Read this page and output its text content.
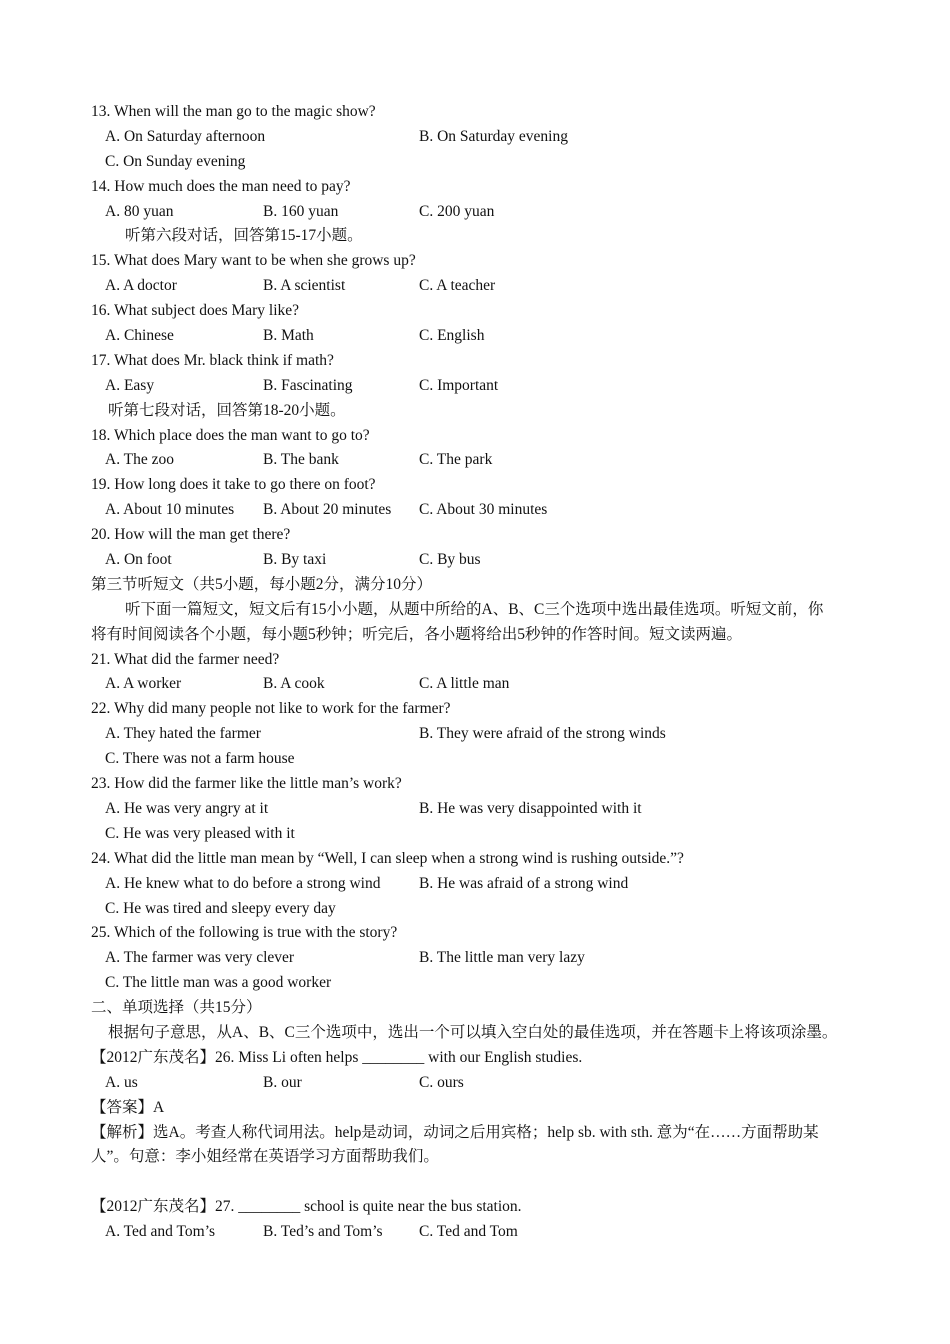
13. When will the man go to the magic show?
A. On Saturday afternoon	B. On Saturday evening
C. On Sunday evening
14. How much does the man need to pay?
A. 80 yuan	B. 160 yuan	C. 200 yuan
听第六段对话，回答第15-17小题。
15. What does Mary want to be when she grows up?
A. A doctor	B. A scientist	C. A teacher
16. What subject does Mary like?
A. Chinese	B. Math	C. English
17. What does Mr. black think if math?
A. Easy	B. Fascinating	C. Important
听第七段对话，回答第18-20小题。
18. Which place does the man want to go to?
A. The zoo	B. The bank	C. The park
19. How long does it take to go there on foot?
A. About 10 minutes B. About 20 minutes C. About 30 minutes
20. How will the man get there?
A. On foot	B. By taxi	C. By bus
第三节听短文（共5小题，每小题2分，满分10分）
听下面一篇短文，短文后有15小小题，从题中所给的A、B、C三个选项中选出最佳选项。听短文前，你
将有时间阅读各个小题，每小题5秒钟；听完后，各小题将给出5秒钟的作答时间。短文读两遍。
21. What did the farmer need?
A. A worker	B. A cook	C. A little man
22. Why did many people not like to work for the farmer?
A. They hated the farmer	B. They were afraid of the strong winds
C. There was not a farm house
23. How did the farmer like the little man’s work?
A. He was very angry at it	B. He was very disappointed with it
C. He was very pleased with it
24. What did the little man mean by “Well, I can sleep when a strong wind is rushing outside.”?
A. He knew what to do before a strong wind B. He was afraid of a strong wind
C. He was tired and sleepy every day
25. Which of the following is true with the story?
A. The farmer was very clever	B. The little man very lazy
C. The little man was a good worker
二、单项选择（共15分）
根据句子意思，从A、B、C三个选项中，选出一个可以填入空白处的最佳选项，并在答题卡上将该项涂墨。
【2012广东茂名】26. Miss Li often helps ________ with our English studies.
A. us	B. our	C. ours
【答案】A
【解析】选A。考查人称代词用法。help是动词，动词之后用宾格；help sb. with sth. 意为“在……方面帮助某
人”。句意：李小姐经常在英语学习方面帮助我们。
【2012广东茂名】27. ________ school is quite near the bus station.
A. Ted and Tom’s	B. Ted’s and Tom’s C. Ted and Tom
